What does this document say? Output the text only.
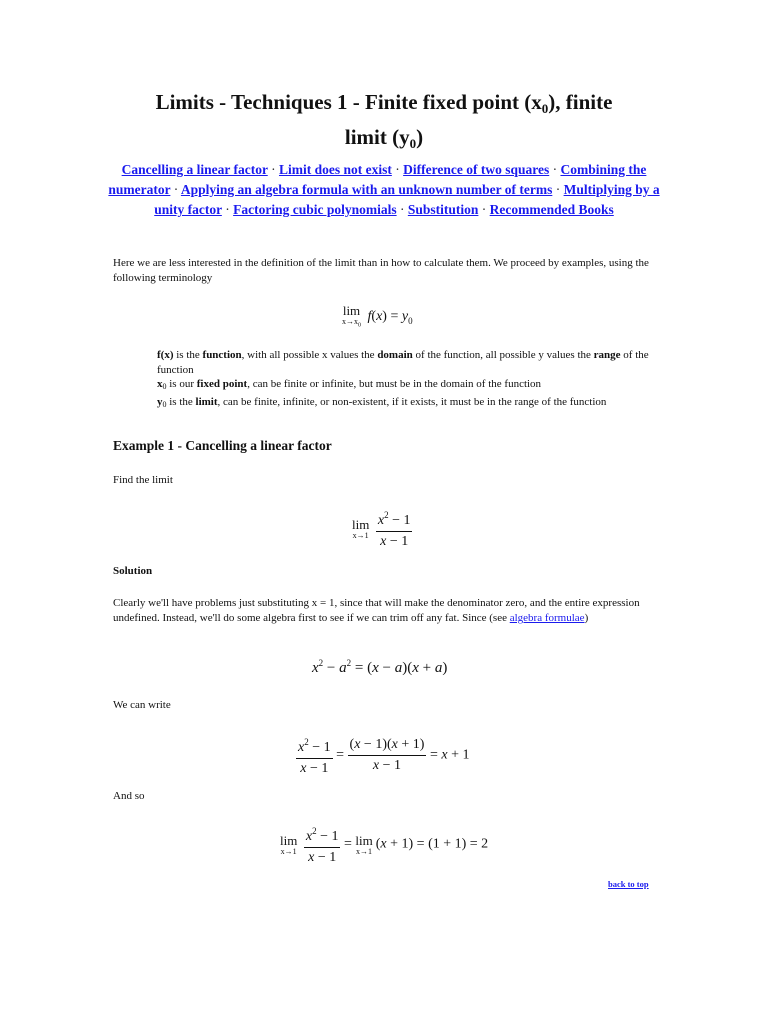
Limits - Techniques 1 - Finite fixed point $(x_0)$, finite
limit $(y_0)$
Cancelling a linear factor · Limit does not exist · Difference of two squares · Combining the numerator · Applying an algebra formula with an unknown number of terms · Multiplying by a unity factor · Factoring cubic polynomials · Substitution · Recommended Books

Here we are less interested in the definition of the limit than in how to calculate them. We proceed by examples, using the following terminology

lim
$x\to x_0$
$f(x) = y_0$
f(x) is the function, with all possible x values the domain of the function, all possible y values the range of the function
$x_0$ is our fixed point, can be finite or infinite, but must be in the domain of the function
$y_0$ is the limit, can be finite, infinite, or non-existent, if it exists, it must be in the range of the function
Example 1 - Cancelling a linear factor

Find the limit

lim
x→1
$\frac{x^2 - 1}{x - 1}$

Solution

Clearly we'll have problems just substituting x = 1, since that will make the denominator zero, and the entire expression undefined. Instead, we'll do some algebra first to see if we can trim off any fat. Since (see algebra formulae)

$x^2 - a^2 = (x - a)(x + a)$

We can write

$\frac{x^2 - 1}{x - 1} = \frac{(x - 1)(x + 1)}{x - 1} = x + 1$

And so

lim
x→1
$\frac{x^2 - 1}{x - 1} = \lim$
x→1 (x + 1) = (1 + 1) = 2
back to top
